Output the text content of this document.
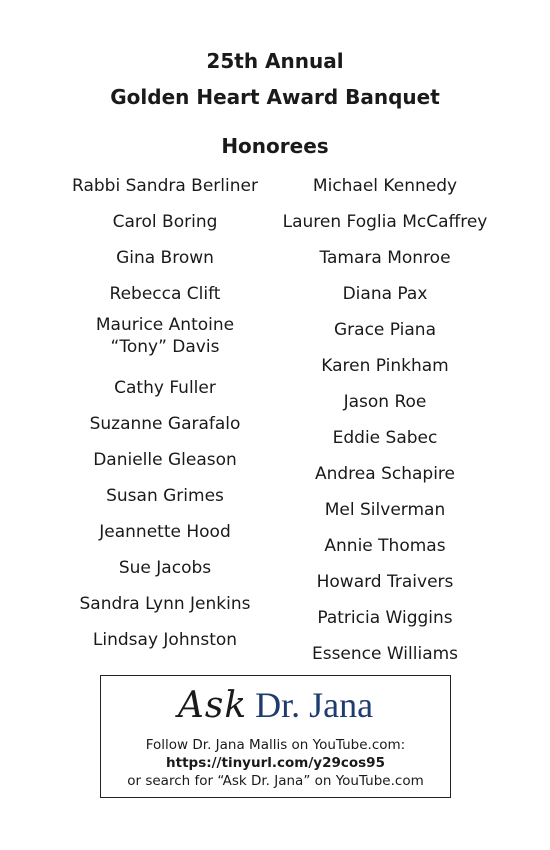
25th Annual
Golden Heart Award Banquet
Honorees
Rabbi Sandra Berliner
Carol Boring
Gina Brown
Rebecca Clift
Maurice Antoine
“Tony” Davis
Cathy Fuller
Suzanne Garafalo
Danielle Gleason
Susan Grimes
Jeannette Hood
Sue Jacobs
Sandra Lynn Jenkins
Lindsay Johnston
Michael Kennedy
Lauren Foglia McCaffrey
Tamara Monroe
Diana Pax
Grace Piana
Karen Pinkham
Jason Roe
Eddie Sabec
Andrea Schapire
Mel Silverman
Annie Thomas
Howard Traivers
Patricia Wiggins
Essence Williams
Ask Dr. Jana
Follow Dr. Jana Mallis on YouTube.com:
https://tinyurl.com/y29cos95
or search for “Ask Dr. Jana” on YouTube.com
